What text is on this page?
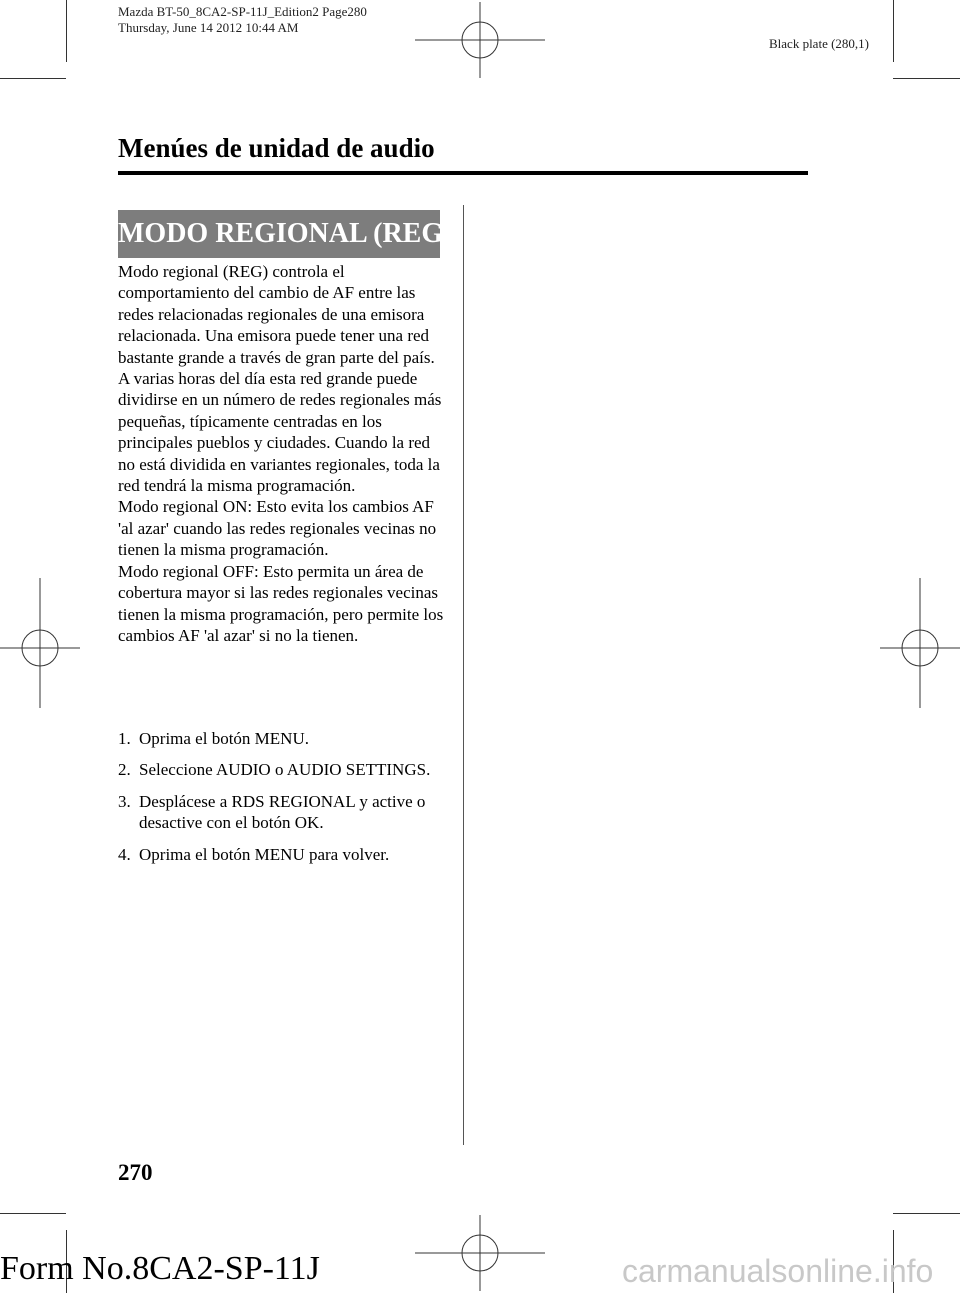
Mazda BT-50_8CA2-SP-11J_Edition2 Page280
Thursday, June 14 2012 10:44 AM
Black plate (280,1)
Menúes de unidad de audio
MODO REGIONAL (REG)

Modo regional (REG) controla el comportamiento del cambio de AF entre las redes relacionadas regionales de una emisora relacionada. Una emisora puede tener una red bastante grande a través de gran parte del país. A varias horas del día esta red grande puede dividirse en un número de redes regionales más pequeñas, típicamente centradas en los principales pueblos y ciudades. Cuando la red no está dividida en variantes regionales, toda la red tendrá la misma programación.

Modo regional ON: Esto evita los cambios AF 'al azar' cuando las redes regionales vecinas no tienen la misma programación.

Modo regional OFF: Esto permita un área de cobertura mayor si las redes regionales vecinas tienen la misma programación, pero permite los cambios AF 'al azar' si no la tienen.

1. Oprima el botón MENU.
2. Seleccione AUDIO o AUDIO SETTINGS.
3. Desplácese a RDS REGIONAL y active o desactive con el botón OK.
4. Oprima el botón MENU para volver.
270
Form No.8CA2-SP-11J	carmanualsonline.info
